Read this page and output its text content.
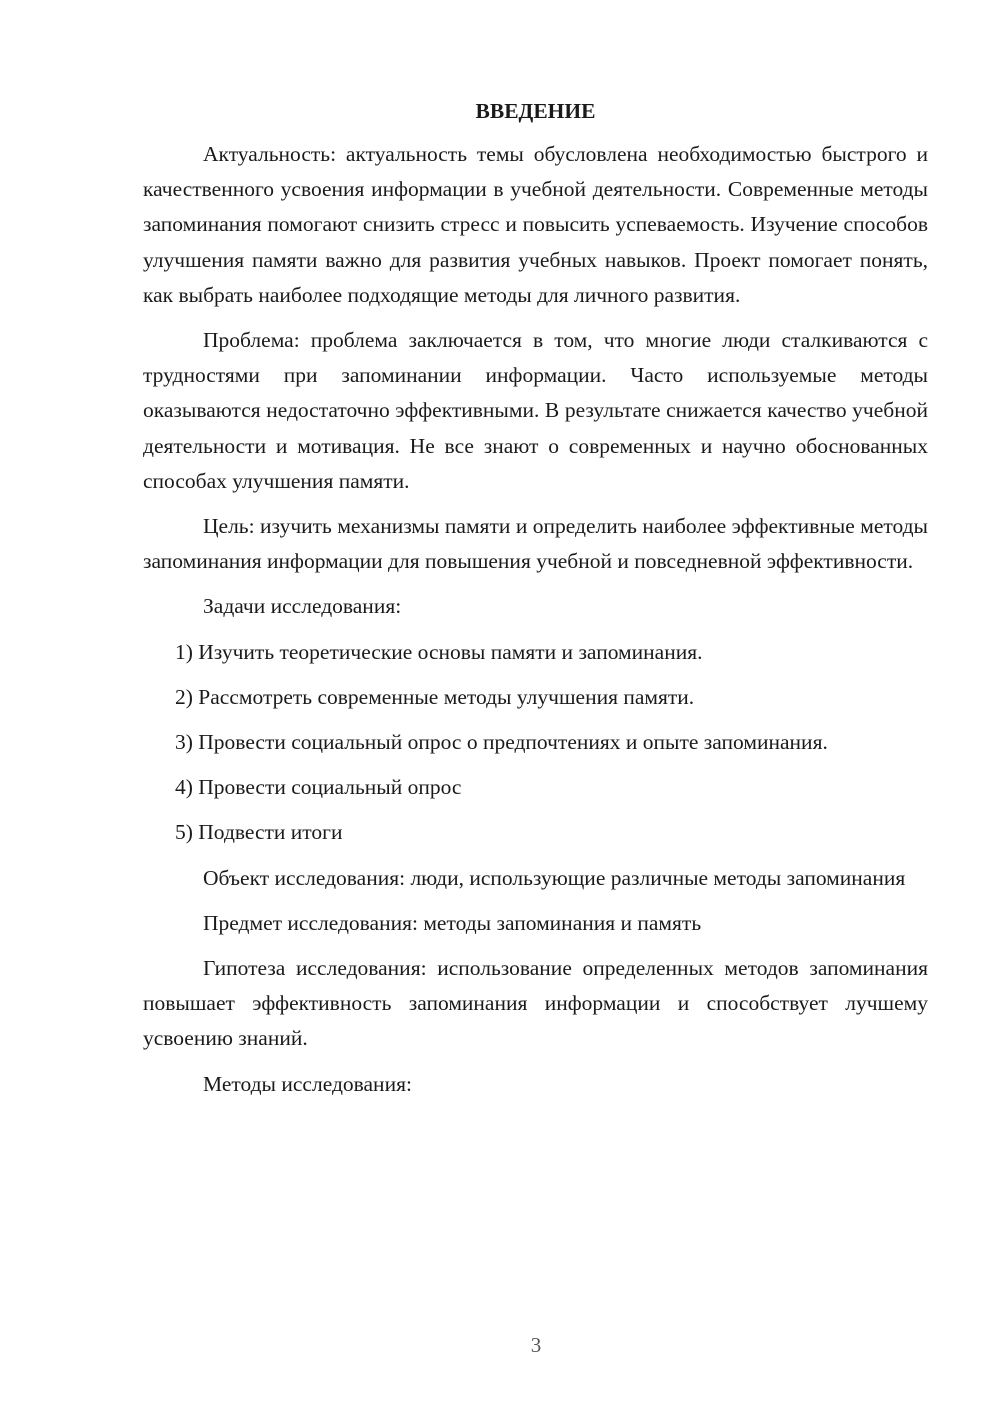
ВВЕДЕНИЕ

Актуальность: актуальность темы обусловлена необходимостью быстрого и качественного усвоения информации в учебной деятельности. Современные методы запоминания помогают снизить стресс и повысить успеваемость. Изучение способов улучшения памяти важно для развития учебных навыков. Проект помогает понять, как выбрать наиболее подходящие методы для личного развития.

Проблема: проблема заключается в том, что многие люди сталкиваются с трудностями при запоминании информации. Часто используемые методы оказываются недостаточно эффективными. В результате снижается качество учебной деятельности и мотивация. Не все знают о современных и научно обоснованных способах улучшения памяти.

Цель: изучить механизмы памяти и определить наиболее эффективные методы запоминания информации для повышения учебной и повседневной эффективности.

Задачи исследования:

1) Изучить теоретические основы памяти и запоминания.

2) Рассмотреть современные методы улучшения памяти.

3) Провести социальный опрос о предпочтениях и опыте запоминания.

4) Провести социальный опрос

5) Подвести итоги

Объект исследования: люди, использующие различные методы запоминания

Предмет исследования: методы запоминания и память

Гипотеза исследования: использование определенных методов запоминания повышает эффективность запоминания информации и способствует лучшему усвоению знаний.

Методы исследования:

3
